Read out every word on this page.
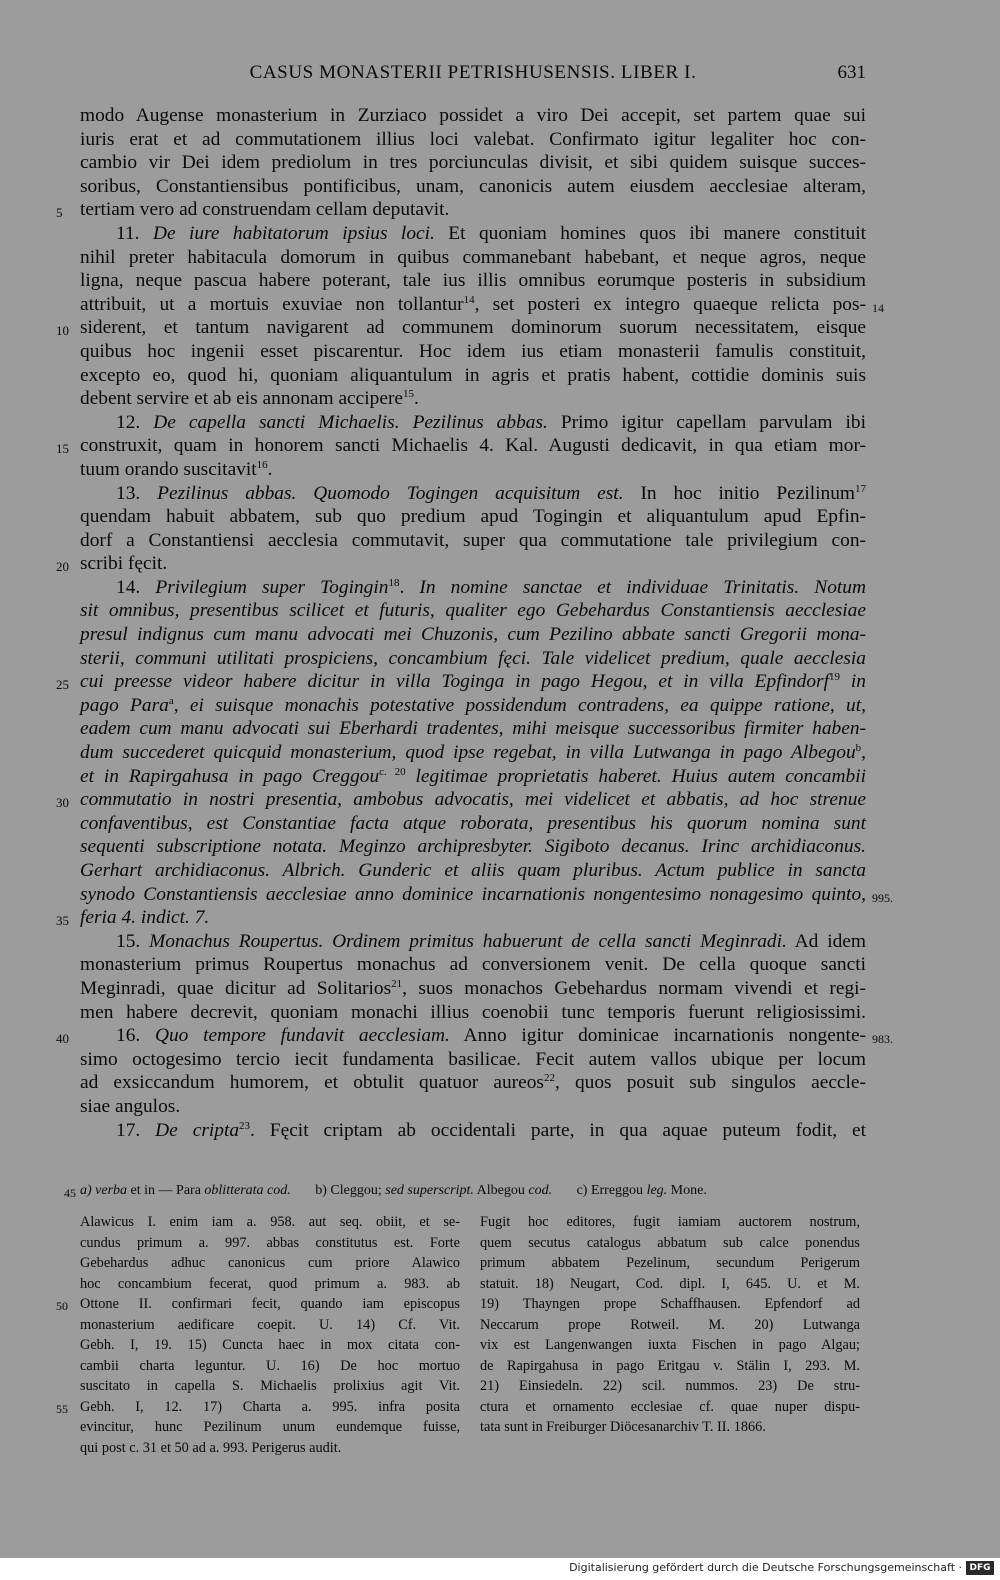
CASUS MONASTERII PETRISHUSENSIS. LIBER I.	631
modo Augense monasterium in Zurziaco possidet a viro Dei accepit, set partem quae sui
iuris erat et ad commutationem illius loci valebat. Confirmato igitur legaliter hoc con-
cambio vir Dei idem prediolum in tres porciunculas divisit, et sibi quidem suisque succes-
soribus, Constantiensibus pontificibus, unam, canonicis autem eiusdem aecclesiae alteram,
5 tertiam vero ad construendam cellam deputavit.
11. De iure habitatorum ipsius loci. Et quoniam homines quos ibi manere constituit
nihil preter habitacula domorum in quibus commanebant habebant, et neque agros, neque
ligna, neque pascua habere poterant, tale ius illis omnibus eorumque posteris in subsidium
attribuit, ut a mortuis exuviae non tollantur$^{14}$, set posteri ex integro quaeque relicta pos- 14
10 siderent, et tantum navigarent ad communem dominorum suorum necessitatem, eisque
quibus hoc ingenii esset piscarentur. Hoc idem ius etiam monasterii famulis constituit,
excepto eo, quod hi, quoniam aliquantulum in agris et pratis habent, cottidie dominis suis
debent servire et ab eis annonam accipere$^{15}$.
12. De capella sancti Michaelis. Pezilinus abbas. Primo igitur capellam parvulam ibi
15 construxit, quam in honorem sancti Michaelis 4. Kal. Augusti dedicavit, in qua etiam mor-
tuum orando suscitavit$^{16}$.
13. Pezilinus abbas. Quomodo Togingen acquisitum est. In hoc initio Pezilinum$^{17}$
quendam habuit abbatem, sub quo predium apud Togingin et aliquantulum apud Epfin-
dorf a Constantiensi aecclesia commutavit, super qua commutatione tale privilegium con-
20 scribi fęcit.
14. Privilegium super Togingin$^{18}$. In nomine sanctae et individuae Trinitatis. Notum
sit omnibus, presentibus scilicet et futuris, qualiter ego Gebehardus Constantiensis aecclesiae
presul indignus cum manu advocati mei Chuzonis, cum Pezilino abbate sancti Gregorii mona-
sterii, communi utilitati prospiciens, concambium fęci. Tale videlicet predium, quale aecclesia
25 cui preesse videor habere dicitur in villa Toginga in pago Hegou, et in villa Epfindorf$^{19}$ in
pago Para$^a$, ei suisque monachis potestative possidendum contradens, ea quippe ratione, ut,
eadem cum manu advocati sui Eberhardi tradentes, mihi meisque successoribus firmiter haben-
dum succederet quicquid monasterium, quod ipse regebat, in villa Lutwanga in pago Albegou$^b$,
et in Rapirgahusa in pago Creggou$^{c. 20}$ legitimae proprietatis haberet. Huius autem concambii
30 commutatio in nostri presentia, ambobus advocatis, mei videlicet et abbatis, ad hoc strenue
confaventibus, est Constantiae facta atque roborata, presentibus his quorum nomina sunt
sequenti subscriptione notata. Meginzo archipresbyter. Sigiboto decanus. Irinc archidiaconus.
Gerhart archidiaconus. Albrich. Gunderic et aliis quam pluribus. Actum publice in sancta
synodo Constantiensis aecclesiae anno dominice incarnationis nongentesimo nonagesimo quinto, 995.
35 feria 4. indict. 7.
15. Monachus Roupertus. Ordinem primitus habuerunt de cella sancti Meginradi. Ad idem
monasterium primus Roupertus monachus ad conversionem venit. De cella quoque sancti
Meginradi, quae dicitur ad Solitarios$^{21}$, suos monachos Gebehardus normam vivendi et regi-
men habere decrevit, quoniam monachi illius coenobii tunc temporis fuerunt religiosissimi.
40	16. Quo tempore fundavit aecclesiam. Anno igitur dominicae incarnationis nongente- 983.
simo octogesimo tercio iecit fundamenta basilicae. Fecit autem vallos ubique per locum
ad exsiccandum humorem, et obtulit quatuor aureos$^{22}$, quos posuit sub singulos aeccle-
siae angulos.
17. De cripta$^{23}$. Fęcit criptam ab occidentali parte, in qua aquae puteum fodit, et
45 a) verba et in — Para oblitterata cod.       b) Cleggou; sed superscript. Albegou cod.       c) Erreggou leg. Mone.
Alawicus I. enim iam a. 958. aut seq. obiit, et se-
cundus primum a. 997. abbas constitutus est. Forte
Gebehardus adhuc canonicus cum priore Alawico
hoc concambium fecerat, quod primum a. 983. ab
50 Ottone II. confirmari fecit, quando iam episcopus
monasterium aedificare coepit. U. 14) Cf. Vit.
Gebh. I, 19. 15) Cuncta haec in mox citata con-
cambii charta leguntur. U. 16) De hoc mortuo
suscitato in capella S. Michaelis prolixius agit Vit.
55 Gebh. I, 12. 17) Charta a. 995. infra posita
evincitur, hunc Pezilinum unum eundemque fuisse,
qui post c. 31 et 50 ad a. 993. Perigerus audit.
Fugit hoc editores, fugit iamiam auctorem nostrum,
quem secutus catalogus abbatum sub calce ponendus
primum abbatem Pezelinum, secundum Perigerum
statuit. 18) Neugart, Cod. dipl. I, 645. U. et M.
19) Thayngen prope Schaffhausen. Epfendorf ad
Neccarum prope Rotweil. M. 20) Lutwanga
vix est Langenwangen iuxta Fischen in pago Algau;
de Rapirgahusa in pago Eritgau v. Stälin I, 293. M.
21) Einsiedeln. 22) scil. nummos. 23) De stru-
ctura et ornamento ecclesiae cf. quae nuper dispu-
tata sunt in Freiburger Diöcesanarchiv T. II. 1866.
Digitalisierung gefördert durch die Deutsche Forschungsgemeinschaft · DFG
